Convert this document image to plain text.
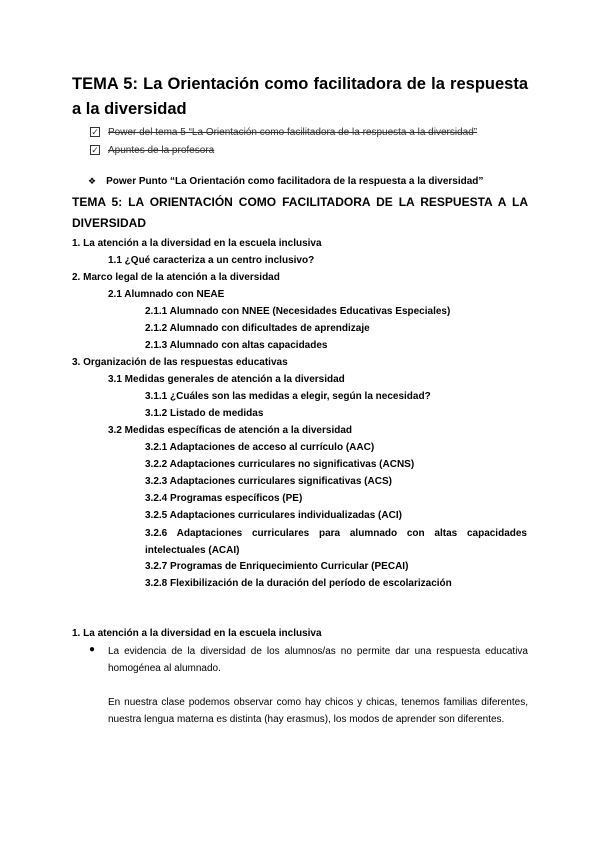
TEMA 5: La Orientación como facilitadora de la respuesta a la diversidad
✓ Power del tema 5 “La Orientación como facilitadora de la respuesta a la diversidad”
✓ Apuntes de la profesora
❖ Power Punto “La Orientación como facilitadora de la respuesta a la diversidad”
TEMA 5: LA ORIENTACIÓN COMO FACILITADORA DE LA RESPUESTA A LA DIVERSIDAD
1. La atención a la diversidad en la escuela inclusiva
1.1 ¿Qué caracteriza a un centro inclusivo?
2. Marco legal de la atención a la diversidad
2.1 Alumnado con NEAE
2.1.1 Alumnado con NNEE (Necesidades Educativas Especiales)
2.1.2 Alumnado con dificultades de aprendizaje
2.1.3 Alumnado con altas capacidades
3. Organización de las respuestas educativas
3.1 Medidas generales de atención a la diversidad
3.1.1 ¿Cuáles son las medidas a elegir, según la necesidad?
3.1.2 Listado de medidas
3.2 Medidas específicas de atención a la diversidad
3.2.1 Adaptaciones de acceso al currículo (AAC)
3.2.2 Adaptaciones curriculares no significativas (ACNS)
3.2.3 Adaptaciones curriculares significativas (ACS)
3.2.4 Programas específicos (PE)
3.2.5 Adaptaciones curriculares individualizadas (ACI)
3.2.6 Adaptaciones curriculares para alumnado con altas capacidades intelectuales (ACAI)
3.2.7 Programas de Enriquecimiento Curricular (PECAI)
3.2.8 Flexibilización de la duración del período de escolarización
1. La atención a la diversidad en la escuela inclusiva
● La evidencia de la diversidad de los alumnos/as no permite dar una respuesta educativa homogénea al alumnado.
En nuestra clase podemos observar como hay chicos y chicas, tenemos familias diferentes, nuestra lengua materna es distinta (hay erasmus), los modos de aprender son diferentes.
